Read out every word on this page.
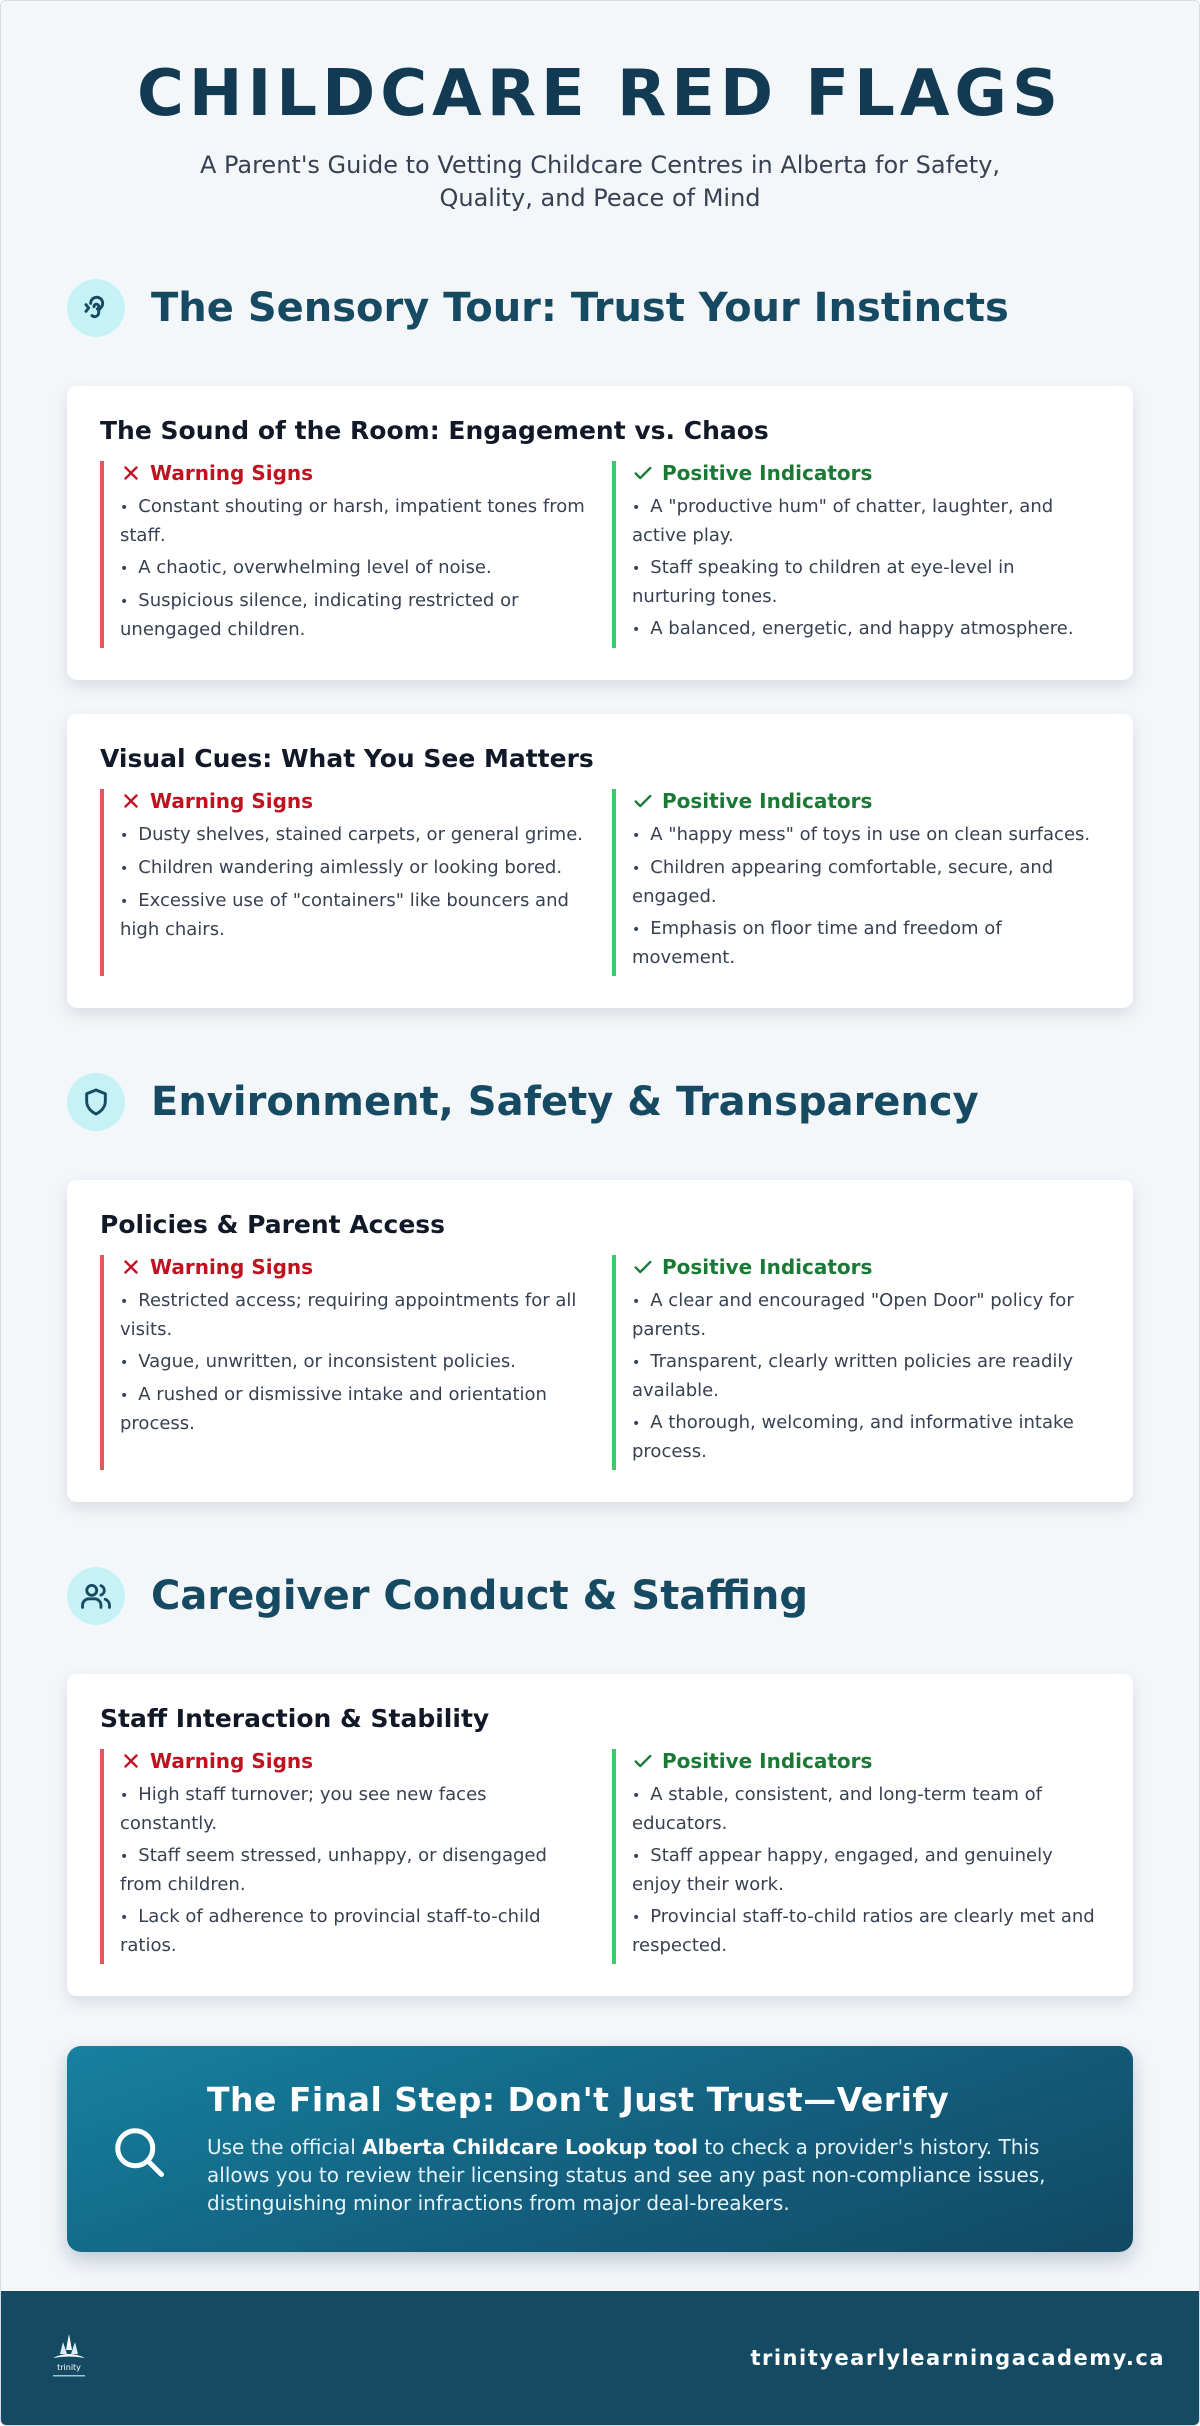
CHILDCARE RED FLAGS

A Parent's Guide to Vetting Childcare Centres in Alberta for Safety, Quality, and Peace of Mind

The Sensory Tour: Trust Your Instincts
The Sound of the Room: Engagement vs. Chaos
Warning Signs
• Constant shouting or harsh, impatient tones from staff.
• A chaotic, overwhelming level of noise.
• Suspicious silence, indicating restricted or unengaged children.
Positive Indicators
• A "productive hum" of chatter, laughter, and active play.
• Staff speaking to children at eye-level in nurturing tones.
• A balanced, energetic, and happy atmosphere.
Visual Cues: What You See Matters
Warning Signs
• Dusty shelves, stained carpets, or general grime.
• Children wandering aimlessly or looking bored.
• Excessive use of "containers" like bouncers and high chairs.
Positive Indicators
• A "happy mess" of toys in use on clean surfaces.
• Children appearing comfortable, secure, and engaged.
• Emphasis on floor time and freedom of movement.
Environment, Safety & Transparency
Policies & Parent Access
Warning Signs
• Restricted access; requiring appointments for all visits.
• Vague, unwritten, or inconsistent policies.
• A rushed or dismissive intake and orientation process.
Positive Indicators
• A clear and encouraged "Open Door" policy for parents.
• Transparent, clearly written policies are readily available.
• A thorough, welcoming, and informative intake process.
Caregiver Conduct & Staffing
Staff Interaction & Stability
Warning Signs
• High staff turnover; you see new faces constantly.
• Staff seem stressed, unhappy, or disengaged from children.
• Lack of adherence to provincial staff-to-child ratios.
Positive Indicators
• A stable, consistent, and long-term team of educators.
• Staff appear happy, engaged, and genuinely enjoy their work.
• Provincial staff-to-child ratios are clearly met and respected.
The Final Step: Don't Just Trust—Verify

Use the official Alberta Childcare Lookup tool to check a provider's history. This allows you to review their licensing status and see any past non-compliance issues, distinguishing minor infractions from major deal-breakers.

trinity	trinityearlylearningacademy.ca
